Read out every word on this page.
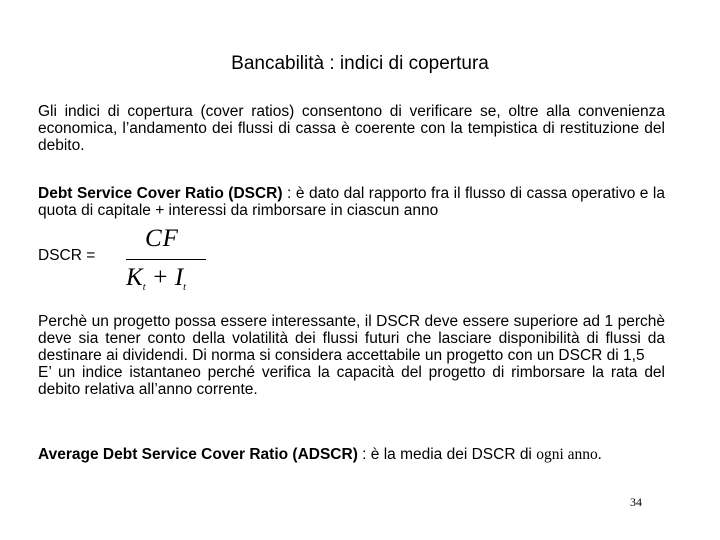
Bancabilità : indici di copertura

Gli indici di copertura (cover ratios) consentono di verificare se, oltre alla convenienza economica, l’andamento dei flussi di cassa è coerente con la tempistica di restituzione del debito.

Debt Service Cover Ratio (DSCR) : è dato dal rapporto fra il flusso di cassa operativo e la quota di capitale + interessi da rimborsare in ciascun anno

DSCR =
CF
$K_t + I_t$
Perchè un progetto possa essere interessante, il DSCR deve essere superiore ad 1 perchè deve sia tener conto della volatilità dei flussi futuri che lasciare disponibilità di flussi da destinare ai dividendi. Di norma si considera accettabile un progetto con un DSCR di 1,5
E’ un indice istantaneo perché verifica la capacità del progetto di rimborsare la rata del debito relativa all’anno corrente.

Average Debt Service Cover Ratio (ADSCR) : è la media dei DSCR di ogni anno.

34
